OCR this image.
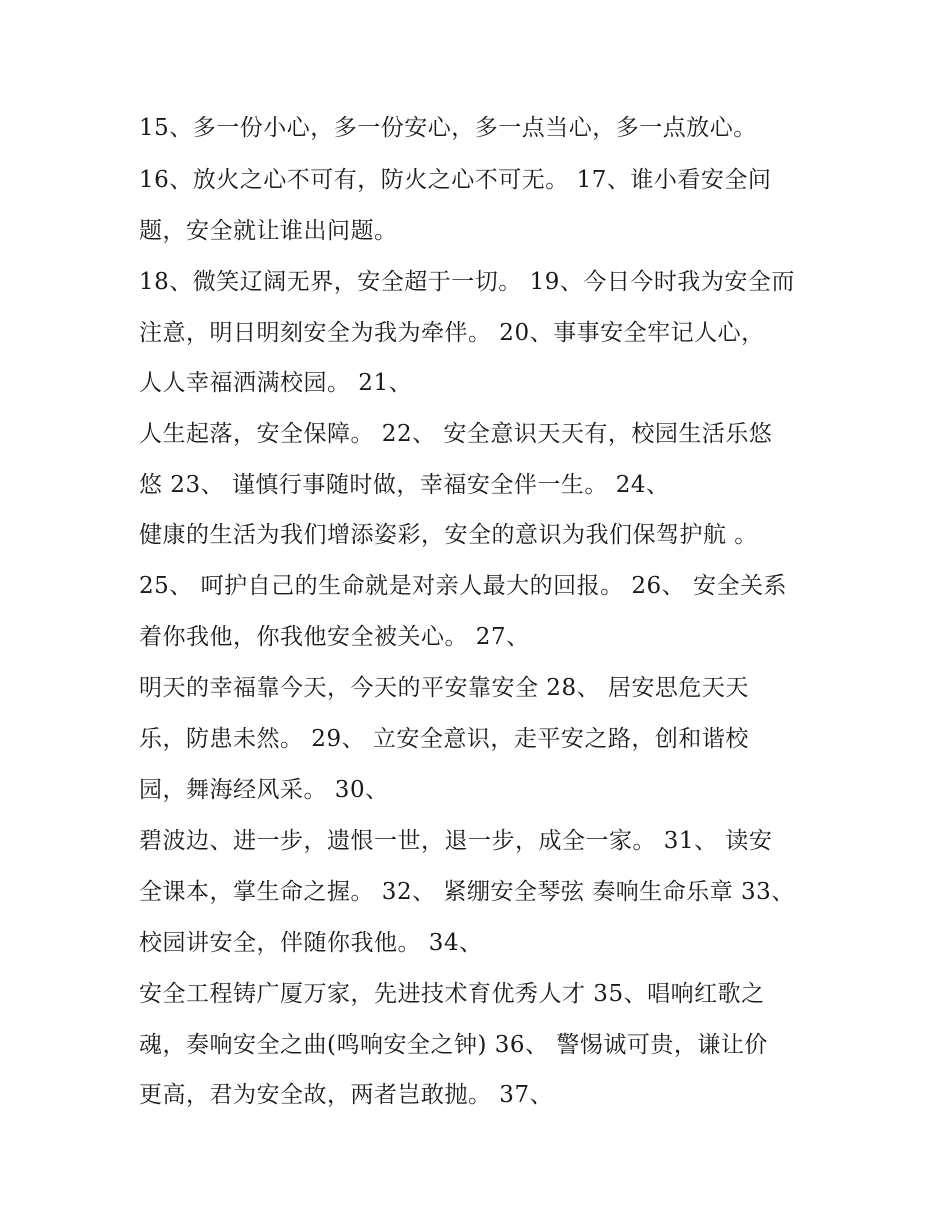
15、多一份小心，多一份安心，多一点当心，多一点放心。
16、放火之心不可有，防火之心不可无。 17、谁小看安全问
题，安全就让谁出问题。
18、微笑辽阔无界，安全超于一切。 19、今日今时我为安全而
注意，明日明刻安全为我为牵伴。 20、事事安全牢记人心，
人人幸福洒满校园。 21、
人生起落，安全保障。 22、 安全意识天天有，校园生活乐悠
悠 23、 谨慎行事随时做，幸福安全伴一生。 24、
健康的生活为我们增添姿彩，安全的意识为我们保驾护航 。
25、 呵护自己的生命就是对亲人最大的回报。 26、 安全关系
着你我他，你我他安全被关心。 27、
明天的幸福靠今天，今天的平安靠安全 28、 居安思危天天
乐，防患未然。 29、 立安全意识，走平安之路，创和谐校
园，舞海经风采。 30、
碧波边、进一步，遗恨一世，退一步，成全一家。 31、 读安
全课本，掌生命之握。 32、 紧绷安全琴弦 奏响生命乐章 33、
校园讲安全，伴随你我他。 34、
安全工程铸广厦万家，先进技术育优秀人才 35、唱响红歌之
魂，奏响安全之曲(鸣响安全之钟) 36、 警惕诚可贵，谦让价
更高，君为安全故，两者岂敢抛。 37、
